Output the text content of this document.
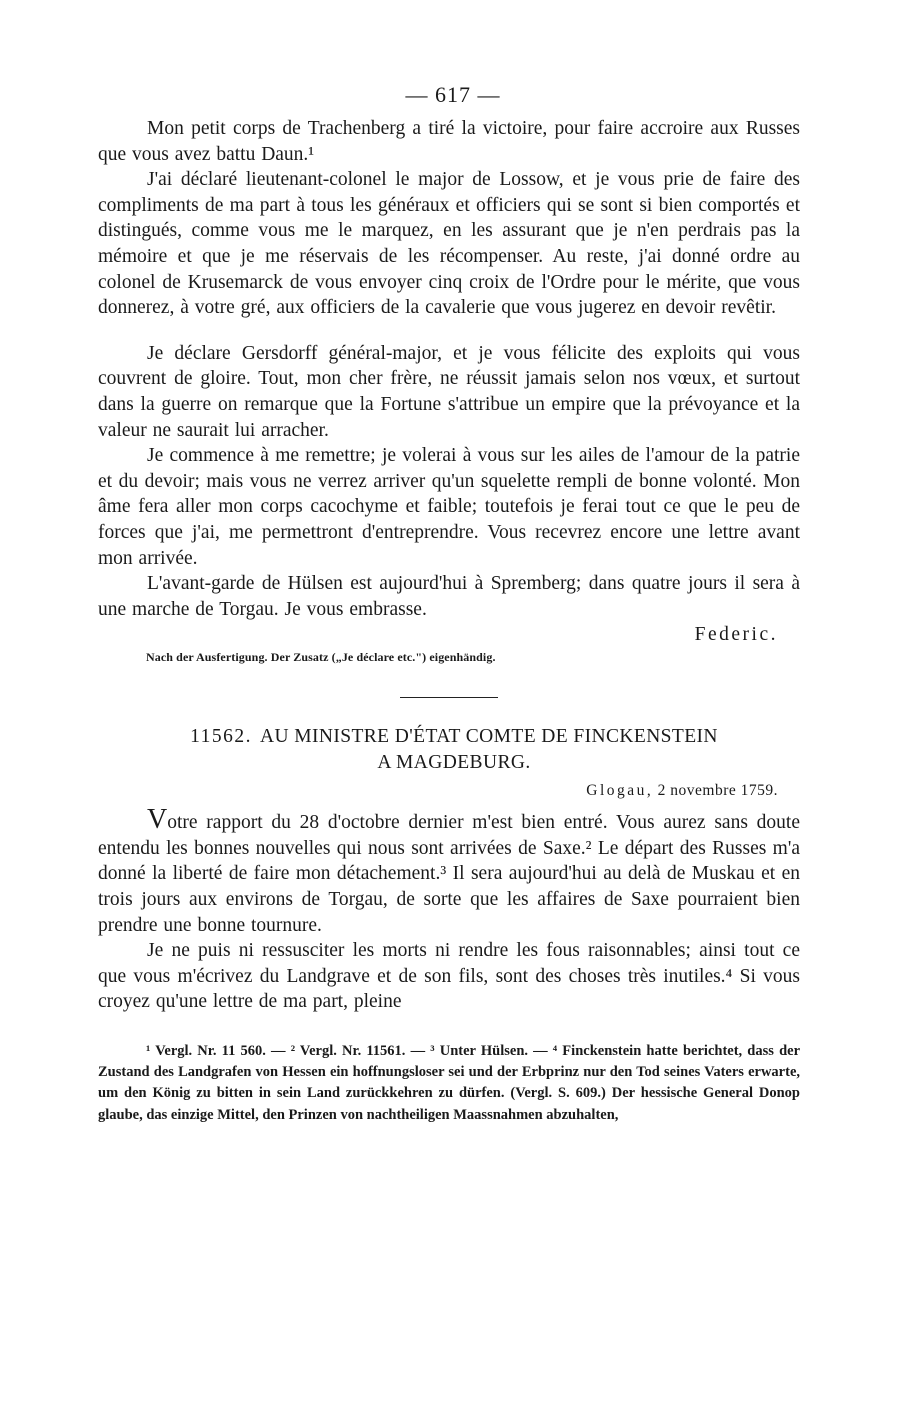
— 617 —

Mon petit corps de Trachenberg a tiré la victoire, pour faire accroire aux Russes que vous avez battu Daun.¹

J'ai déclaré lieutenant-colonel le major de Lossow, et je vous prie de faire des compliments de ma part à tous les généraux et officiers qui se sont si bien comportés et distingués, comme vous me le marquez, en les assurant que je n'en perdrais pas la mémoire et que je me réservais de les récompenser. Au reste, j'ai donné ordre au colonel de Krusemarck de vous envoyer cinq croix de l'Ordre pour le mérite, que vous donnerez, à votre gré, aux officiers de la cavalerie que vous jugerez en devoir revêtir.

Je déclare Gersdorff général-major, et je vous félicite des exploits qui vous couvrent de gloire. Tout, mon cher frère, ne réussit jamais selon nos vœux, et surtout dans la guerre on remarque que la Fortune s'attribue un empire que la prévoyance et la valeur ne saurait lui arracher.

Je commence à me remettre; je volerai à vous sur les ailes de l'amour de la patrie et du devoir; mais vous ne verrez arriver qu'un squelette rempli de bonne volonté. Mon âme fera aller mon corps cacochyme et faible; toutefois je ferai tout ce que le peu de forces que j'ai, me permettront d'entreprendre. Vous recevrez encore une lettre avant mon arrivée.

L'avant-garde de Hülsen est aujourd'hui à Spremberg; dans quatre jours il sera à une marche de Torgau. Je vous embrasse.

Federic.
Nach der Ausfertigung. Der Zusatz („Je déclare etc.") eigenhändig.
11562. AU MINISTRE D'ÉTAT COMTE DE FINCKENSTEIN
A MAGDEBURG.
Glogau, 2 novembre 1759.

Votre rapport du 28 d'octobre dernier m'est bien entré. Vous aurez sans doute entendu les bonnes nouvelles qui nous sont arrivées de Saxe.² Le départ des Russes m'a donné la liberté de faire mon détachement.³ Il sera aujourd'hui au delà de Muskau et en trois jours aux environs de Torgau, de sorte que les affaires de Saxe pourraient bien prendre une bonne tournure.

Je ne puis ni ressusciter les morts ni rendre les fous raisonnables; ainsi tout ce que vous m'écrivez du Landgrave et de son fils, sont des choses très inutiles.⁴ Si vous croyez qu'une lettre de ma part, pleine

¹ Vergl. Nr. 11 560. — ² Vergl. Nr. 11561. — ³ Unter Hülsen. — ⁴ Finckenstein hatte berichtet, dass der Zustand des Landgrafen von Hessen ein hoffnungsloser sei und der Erbprinz nur den Tod seines Vaters erwarte, um den König zu bitten in sein Land zurückkehren zu dürfen. (Vergl. S. 609.) Der hessische General Donop glaube, das einzige Mittel, den Prinzen von nachtheiligen Maassnahmen abzuhalten,
